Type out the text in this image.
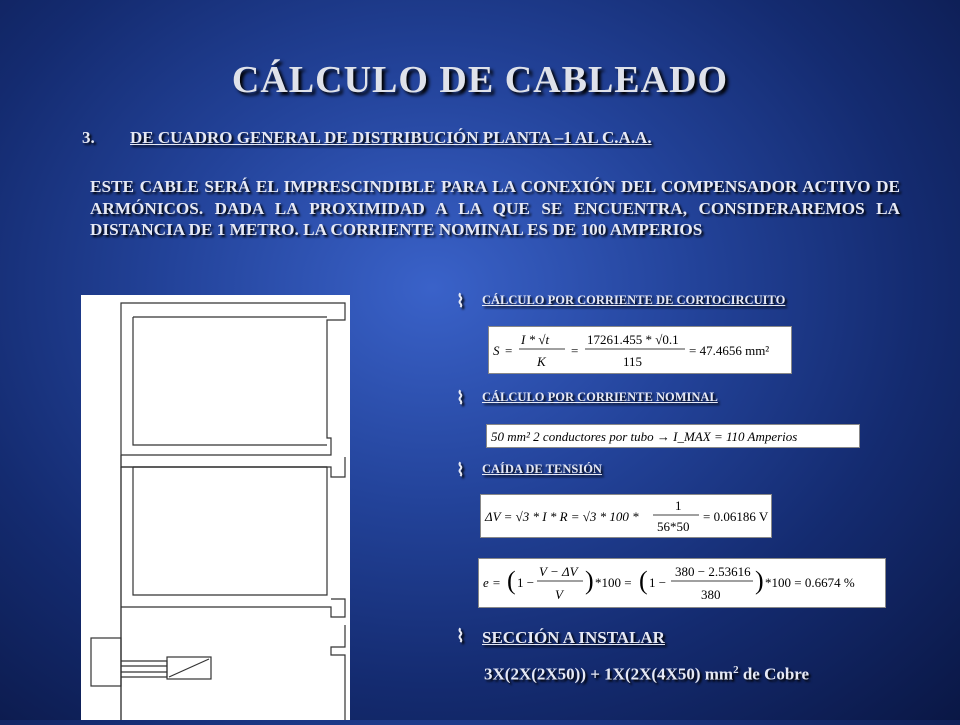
CÁLCULO DE CABLEADO
3. DE CUADRO GENERAL DE DISTRIBUCIÓN PLANTA –1 AL C.A.A.

ESTE CABLE SERÁ EL IMPRESCINDIBLE PARA LA CONEXIÓN DEL COMPENSADOR ACTIVO DE ARMÓNICOS. DADA LA PROXIMIDAD A LA QUE SE ENCUENTRA, CONSIDERAREMOS LA DISTANCIA DE 1 METRO. LA CORRIENTE NOMINAL ES DE 100 AMPERIOS

⌇ CÁLCULO POR CORRIENTE DE CORTOCIRCUITO
S =
I * √t
K
=
17261.455 * √0.1
115
= 47.4656 mm²
⌇ CÁLCULO POR CORRIENTE NOMINAL
50 mm² 2 conductores por tubo → I_MAX = 110 Amperios
⌇ CAÍDA DE TENSIÓN
ΔV = √3 * I * R = √3 * 100 *
1
56*50
= 0.06186 V
e = ( 1 −
V − ΔV
V ) *100 = ( 1 −
380 − 2.53616
380 ) *100 = 0.6674 %
⌇ SECCIÓN A INSTALAR
3X(2X(2X50)) + 1X(2X(4X50) $mm^2$ de Cobre
